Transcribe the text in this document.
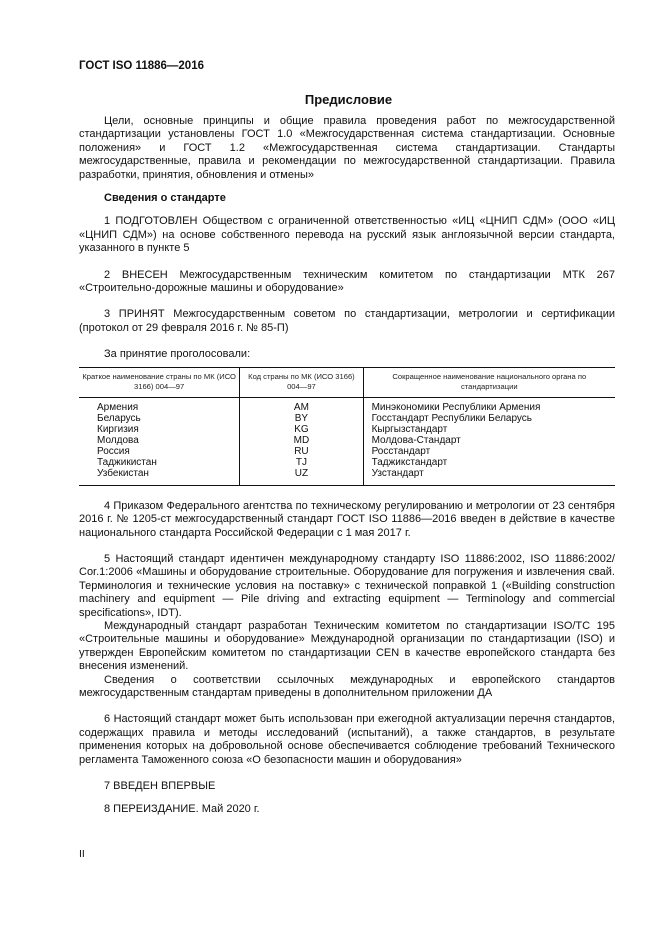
ГОСТ ISO 11886—2016
Предисловие

Цели, основные принципы и общие правила проведения работ по межгосударственной стандартизации установлены ГОСТ 1.0 «Межгосударственная система стандартизации. Основные положения» и ГОСТ 1.2 «Межгосударственная система стандартизации. Стандарты межгосударственные, правила и рекомендации по межгосударственной стандартизации. Правила разработки, принятия, обновления и отмены»

Сведения о стандарте

1 ПОДГОТОВЛЕН Обществом с ограниченной ответственностью «ИЦ «ЦНИП СДМ» (ООО «ИЦ «ЦНИП СДМ») на основе собственного перевода на русский язык англоязычной версии стандарта, указанного в пункте 5

2 ВНЕСЕН Межгосударственным техническим комитетом по стандартизации МТК 267 «Строительно-дорожные машины и оборудование»

3 ПРИНЯТ Межгосударственным советом по стандартизации, метрологии и сертификации (протокол от 29 февраля 2016 г. № 85-П)

За принятие проголосовали:

Краткое наименование страны по МК (ИСО 3166) 004—97	Код страны по МК (ИСО 3166) 004—97	Сокращенное наименование национального органа по стандартизации
Армения	AM	Минэкономики Республики Армения
Беларусь	BY	Госстандарт Республики Беларусь
Киргизия	KG	Кыргызстандарт
Молдова	MD	Молдова-Стандарт
Россия	RU	Росстандарт
Таджикистан	TJ	Таджикстандарт
Узбекистан	UZ	Узстандарт

4 Приказом Федерального агентства по техническому регулированию и метрологии от 23 сентября 2016 г. № 1205-ст межгосударственный стандарт ГОСТ ISO 11886—2016 введен в действие в качестве национального стандарта Российской Федерации с 1 мая 2017 г.

5 Настоящий стандарт идентичен международному стандарту ISO 11886:2002, ISO 11886:2002/ Cor.1:2006 «Машины и оборудование строительные. Оборудование для погружения и извлечения свай. Терминология и технические условия на поставку» с технической поправкой 1 («Building construction machinery and equipment — Pile driving and extracting equipment — Terminology and commercial specifications», IDT).

Международный стандарт разработан Техническим комитетом по стандартизации ISO/TC 195 «Строительные машины и оборудование» Международной организации по стандартизации (ISO) и утвержден Европейским комитетом по стандартизации CEN в качестве европейского стандарта без внесения изменений.

Сведения о соответствии ссылочных международных и европейского стандартов межгосударственным стандартам приведены в дополнительном приложении ДА

6 Настоящий стандарт может быть использован при ежегодной актуализации перечня стандартов, содержащих правила и методы исследований (испытаний), а также стандартов, в результате применения которых на добровольной основе обеспечивается соблюдение требований Технического регламента Таможенного союза «О безопасности машин и оборудования»

7 ВВЕДЕН ВПЕРВЫЕ

8 ПЕРЕИЗДАНИЕ. Май 2020 г.

II
